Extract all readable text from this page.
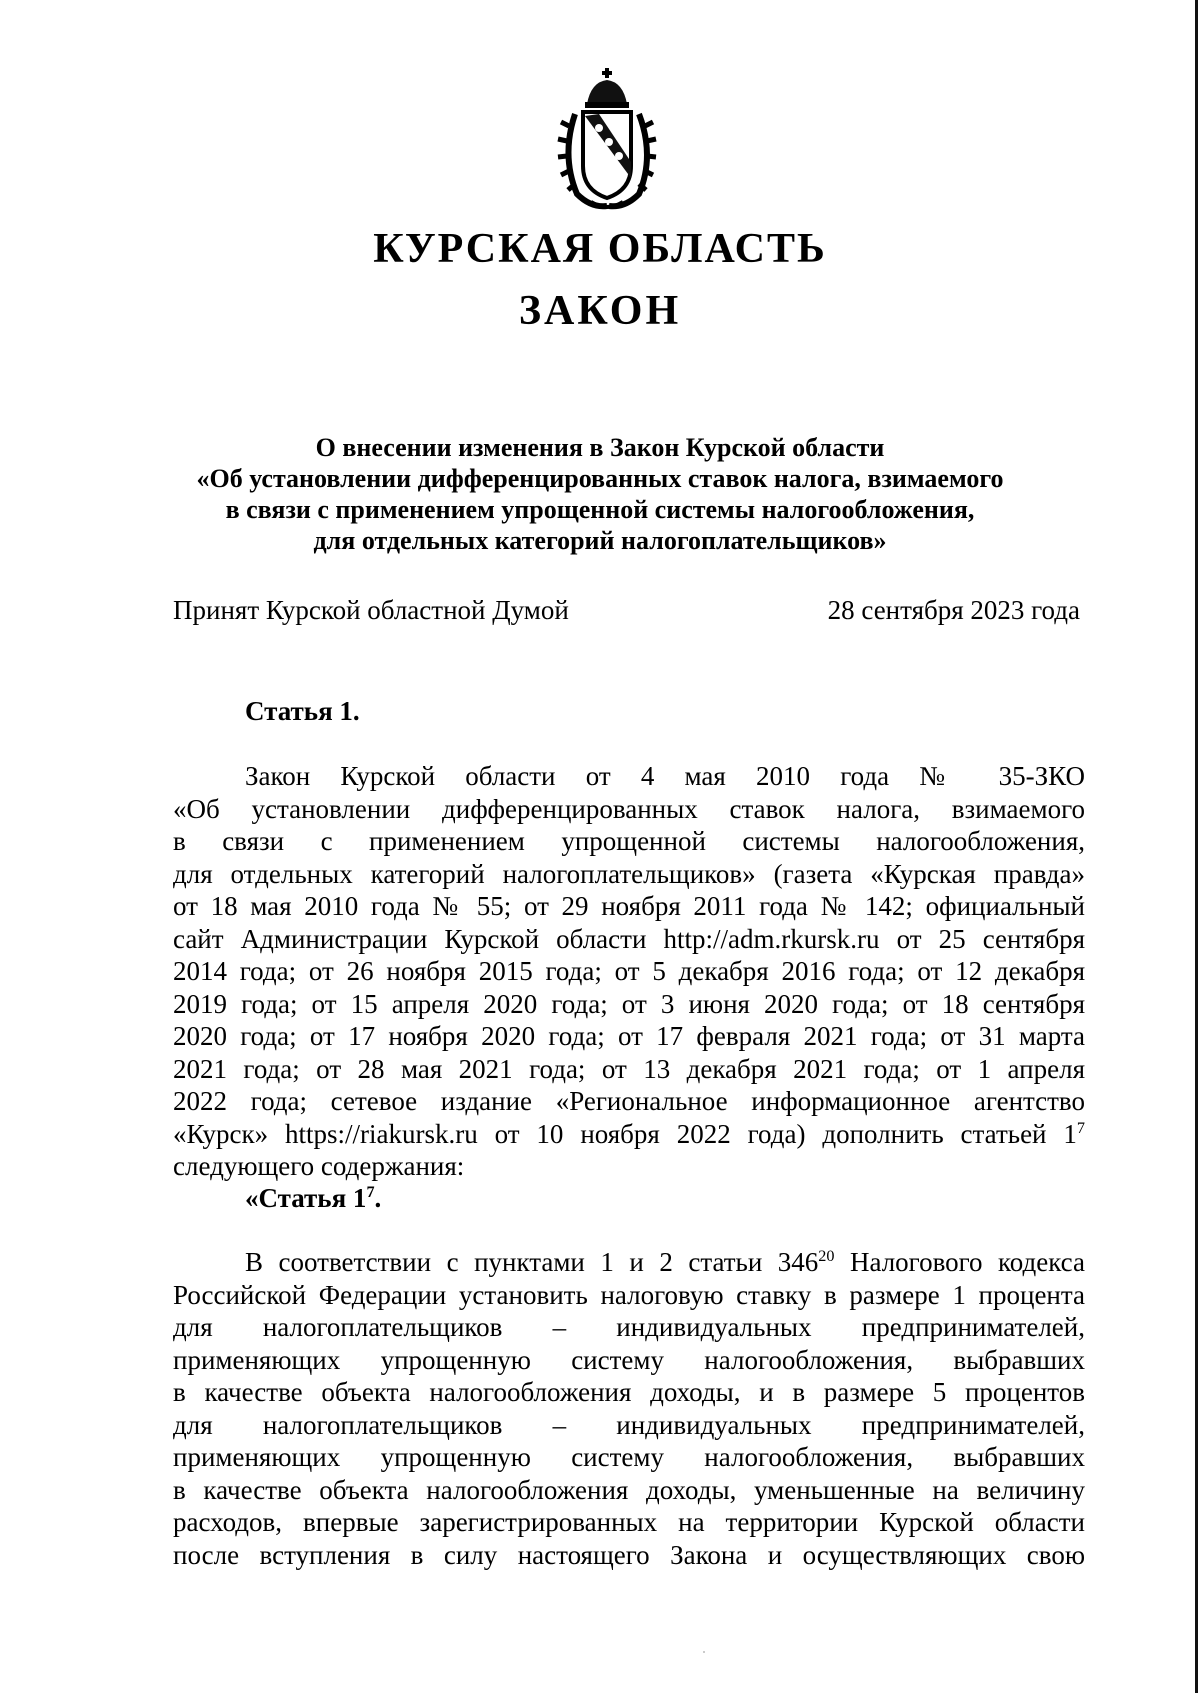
КУРСКАЯ ОБЛАСТЬ
ЗАКОН
О внесении изменения в Закон Курской области
«Об установлении дифференцированных ставок налога, взимаемого
в связи с применением упрощенной системы налогообложения,
для отдельных категорий налогоплательщиков»
Принят Курской областной Думой	28 сентября 2023 года
Статья 1.
Закон Курской области от 4 мая 2010 года № 35-ЗКО
«Об установлении дифференцированных ставок налога, взимаемого
в связи с применением упрощенной системы налогообложения,
для отдельных категорий налогоплательщиков» (газета «Курская правда»
от 18 мая 2010 года № 55; от 29 ноября 2011 года № 142; официальный
сайт Администрации Курской области http://adm.rkursk.ru от 25 сентября
2014 года; от 26 ноября 2015 года; от 5 декабря 2016 года; от 12 декабря
2019 года; от 15 апреля 2020 года; от 3 июня 2020 года; от 18 сентября
2020 года; от 17 ноября 2020 года; от 17 февраля 2021 года; от 31 марта
2021 года; от 28 мая 2021 года; от 13 декабря 2021 года; от 1 апреля
2022 года; сетевое издание «Региональное информационное агентство
«Курск» https://riakursk.ru от 10 ноября 2022 года) дополнить статьей $1^7$
следующего содержания:
«Статья $1^7$.
В соответствии с пунктами 1 и 2 статьи $346^{20}$ Налогового кодекса
Российской Федерации установить налоговую ставку в размере 1 процента
для налогоплательщиков – индивидуальных предпринимателей,
применяющих упрощенную систему налогообложения, выбравших
в качестве объекта налогообложения доходы, и в размере 5 процентов
для налогоплательщиков – индивидуальных предпринимателей,
применяющих упрощенную систему налогообложения, выбравших
в качестве объекта налогообложения доходы, уменьшенные на величину
расходов, впервые зарегистрированных на территории Курской области
после вступления в силу настоящего Закона и осуществляющих свою
